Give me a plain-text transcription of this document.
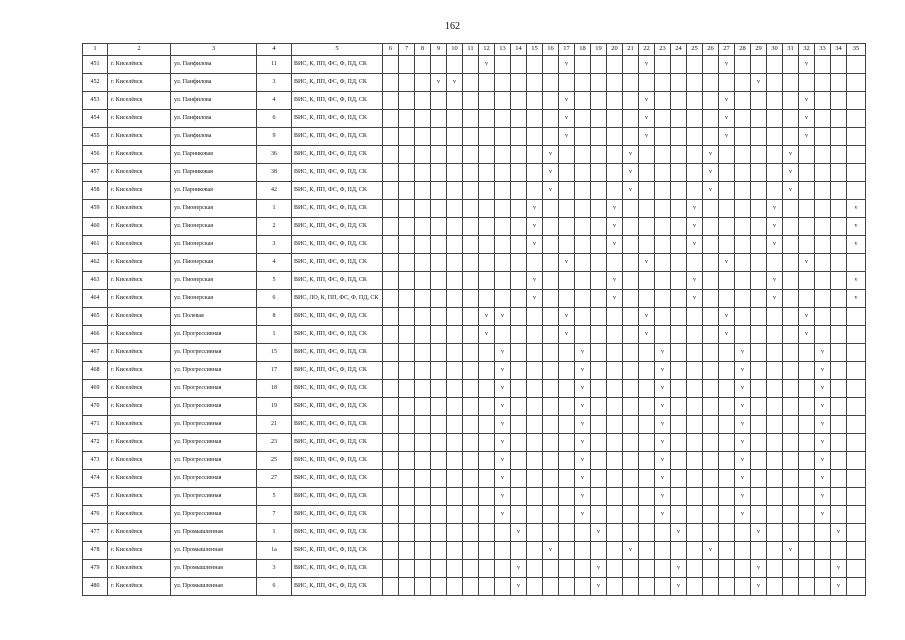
162
1	2	3	4	5	6	7	8	9	10	11	12	13	14	15	16	17	18	19	20	21	22	23	24	25	26	27	28	29	30	31	32	33	34	35
451	г. Киселёвск	ул. Панфилова	11	ВИС, К, ПП, ФС, Ф, ПД, СК							v					v					v					v					v			
452	г. Киселёвск	ул. Панфилова	3	ВИС, К, ПП, ФС, Ф, ПД, СК				v	v																			v						
453	г. Киселёвск	ул. Панфилова	4	ВИС, К, ПП, ФС, Ф, ПД, СК												v					v					v					v			
454	г. Киселёвск	ул. Панфилова	6	ВИС, К, ПП, ФС, Ф, ПД, СК												v					v					v					v			
455	г. Киселёвск	ул. Панфилова	9	ВИС, К, ПП, ФС, Ф, ПД, СК												v					v					v					v			
456	г. Киселёвск	ул. Парниковая	36	ВИС, К, ПП, ФС, Ф, ПД, СК											v					v					v					v				
457	г. Киселёвск	ул. Парниковая	38	ВИС, К, ПП, ФС, Ф, ПД, СК											v					v					v					v				
458	г. Киселёвск	ул. Парниковая	42	ВИС, К, ПП, ФС, Ф, ПД, СК											v					v					v					v				
459	г. Киселёвск	ул. Пионерская	1	ВИС, К, ПП, ФС, Ф, ПД, СК										v					v					v					v					v
460	г. Киселёвск	ул. Пионерская	2	ВИС, К, ПП, ФС, Ф, ПД, СК										v					v					v					v					v
461	г. Киселёвск	ул. Пионерская	3	ВИС, К, ПП, ФС, Ф, ПД, СК										v					v					v					v					v
462	г. Киселёвск	ул. Пионерская	4	ВИС, К, ПП, ФС, Ф, ПД, СК												v					v					v					v			
463	г. Киселёвск	ул. Пионерская	5	ВИС, К, ПП, ФС, Ф, ПД, СК										v					v					v					v					v
464	г. Киселёвск	ул. Пионерская	6	ВИС, ЛО, К, ПП, ФС, Ф, ПД, СК										v					v					v					v					v
465	г. Киселёвск	ул. Полевая	8	ВИС, К, ПП, ФС, Ф, ПД, СК							v	v				v					v					v					v			
466	г. Киселёвск	ул. Прогрессивная	1	ВИС, К, ПП, ФС, Ф, ПД, СК							v					v					v					v					v			
467	г. Киселёвск	ул. Прогрессивная	15	ВИС, К, ПП, ФС, Ф, ПД, СК								v					v					v					v					v		
468	г. Киселёвск	ул. Прогрессивная	17	ВИС, К, ПП, ФС, Ф, ПД, СК								v					v					v					v					v		
469	г. Киселёвск	ул. Прогрессивная	18	ВИС, К, ПП, ФС, Ф, ПД, СК								v					v					v					v					v		
470	г. Киселёвск	ул. Прогрессивная	19	ВИС, К, ПП, ФС, Ф, ПД, СК								v					v					v					v					v		
471	г. Киселёвск	ул. Прогрессивная	21	ВИС, К, ПП, ФС, Ф, ПД, СК								v					v					v					v					v		
472	г. Киселёвск	ул. Прогрессивная	23	ВИС, К, ПП, ФС, Ф, ПД, СК								v					v					v					v					v		
473	г. Киселёвск	ул. Прогрессивная	25	ВИС, К, ПП, ФС, Ф, ПД, СК								v					v					v					v					v		
474	г. Киселёвск	ул. Прогрессивная	27	ВИС, К, ПП, ФС, Ф, ПД, СК								v					v					v					v					v		
475	г. Киселёвск	ул. Прогрессивная	5	ВИС, К, ПП, ФС, Ф, ПД, СК								v					v					v					v					v		
476	г. Киселёвск	ул. Прогрессивная	7	ВИС, К, ПП, ФС, Ф, ПД, СК								v					v					v					v					v		
477	г. Киселёвск	ул. Промышленная	1	ВИС, К, ПП, ФС, Ф, ПД, СК									v					v					v					v					v	
478	г. Киселёвск	ул. Промышленная	1а	ВИС, К, ПП, ФС, Ф, ПД, СК											v					v					v					v				
479	г. Киселёвск	ул. Промышленная	3	ВИС, К, ПП, ФС, Ф, ПД, СК									v					v					v					v					v	
480	г. Киселёвск	ул. Промышленная	6	ВИС, К, ПП, ФС, Ф, ПД, СК									v					v					v					v					v	
